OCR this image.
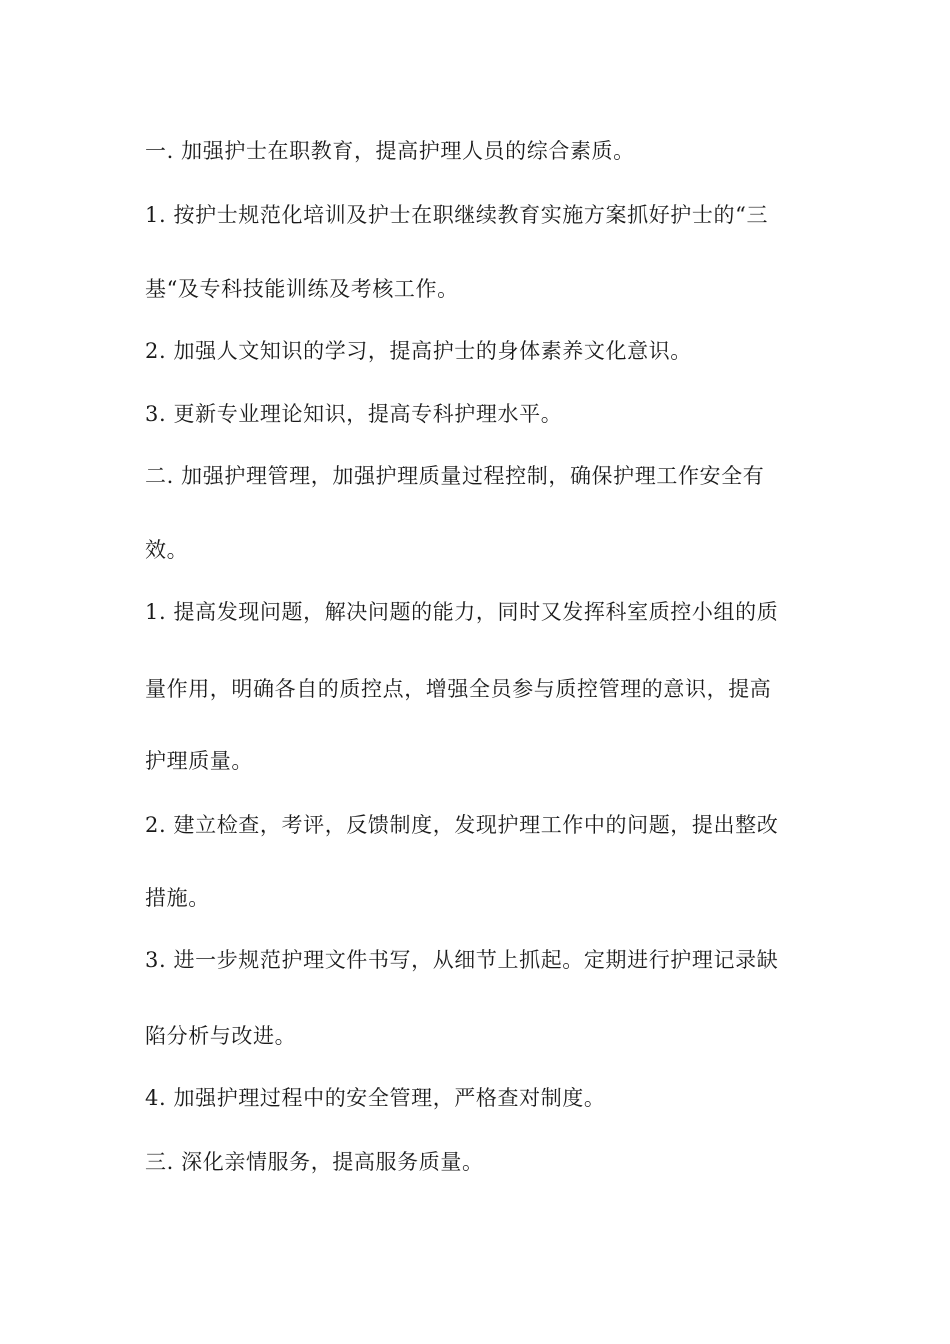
一. 加强护士在职教育，提高护理人员的综合素质。

1. 按护士规范化培训及护士在职继续教育实施方案抓好护士的“三

基“及专科技能训练及考核工作。

2. 加强人文知识的学习，提高护士的身体素养文化意识。

3. 更新专业理论知识，提高专科护理水平。

二. 加强护理管理，加强护理质量过程控制，确保护理工作安全有

效。

1. 提高发现问题，解决问题的能力，同时又发挥科室质控小组的质

量作用，明确各自的质控点，增强全员参与质控管理的意识，提高

护理质量。

2. 建立检查，考评，反馈制度，发现护理工作中的问题，提出整改

措施。

3. 进一步规范护理文件书写，从细节上抓起。定期进行护理记录缺

陷分析与改进。

4. 加强护理过程中的安全管理，严格查对制度。

三. 深化亲情服务，提高服务质量。
